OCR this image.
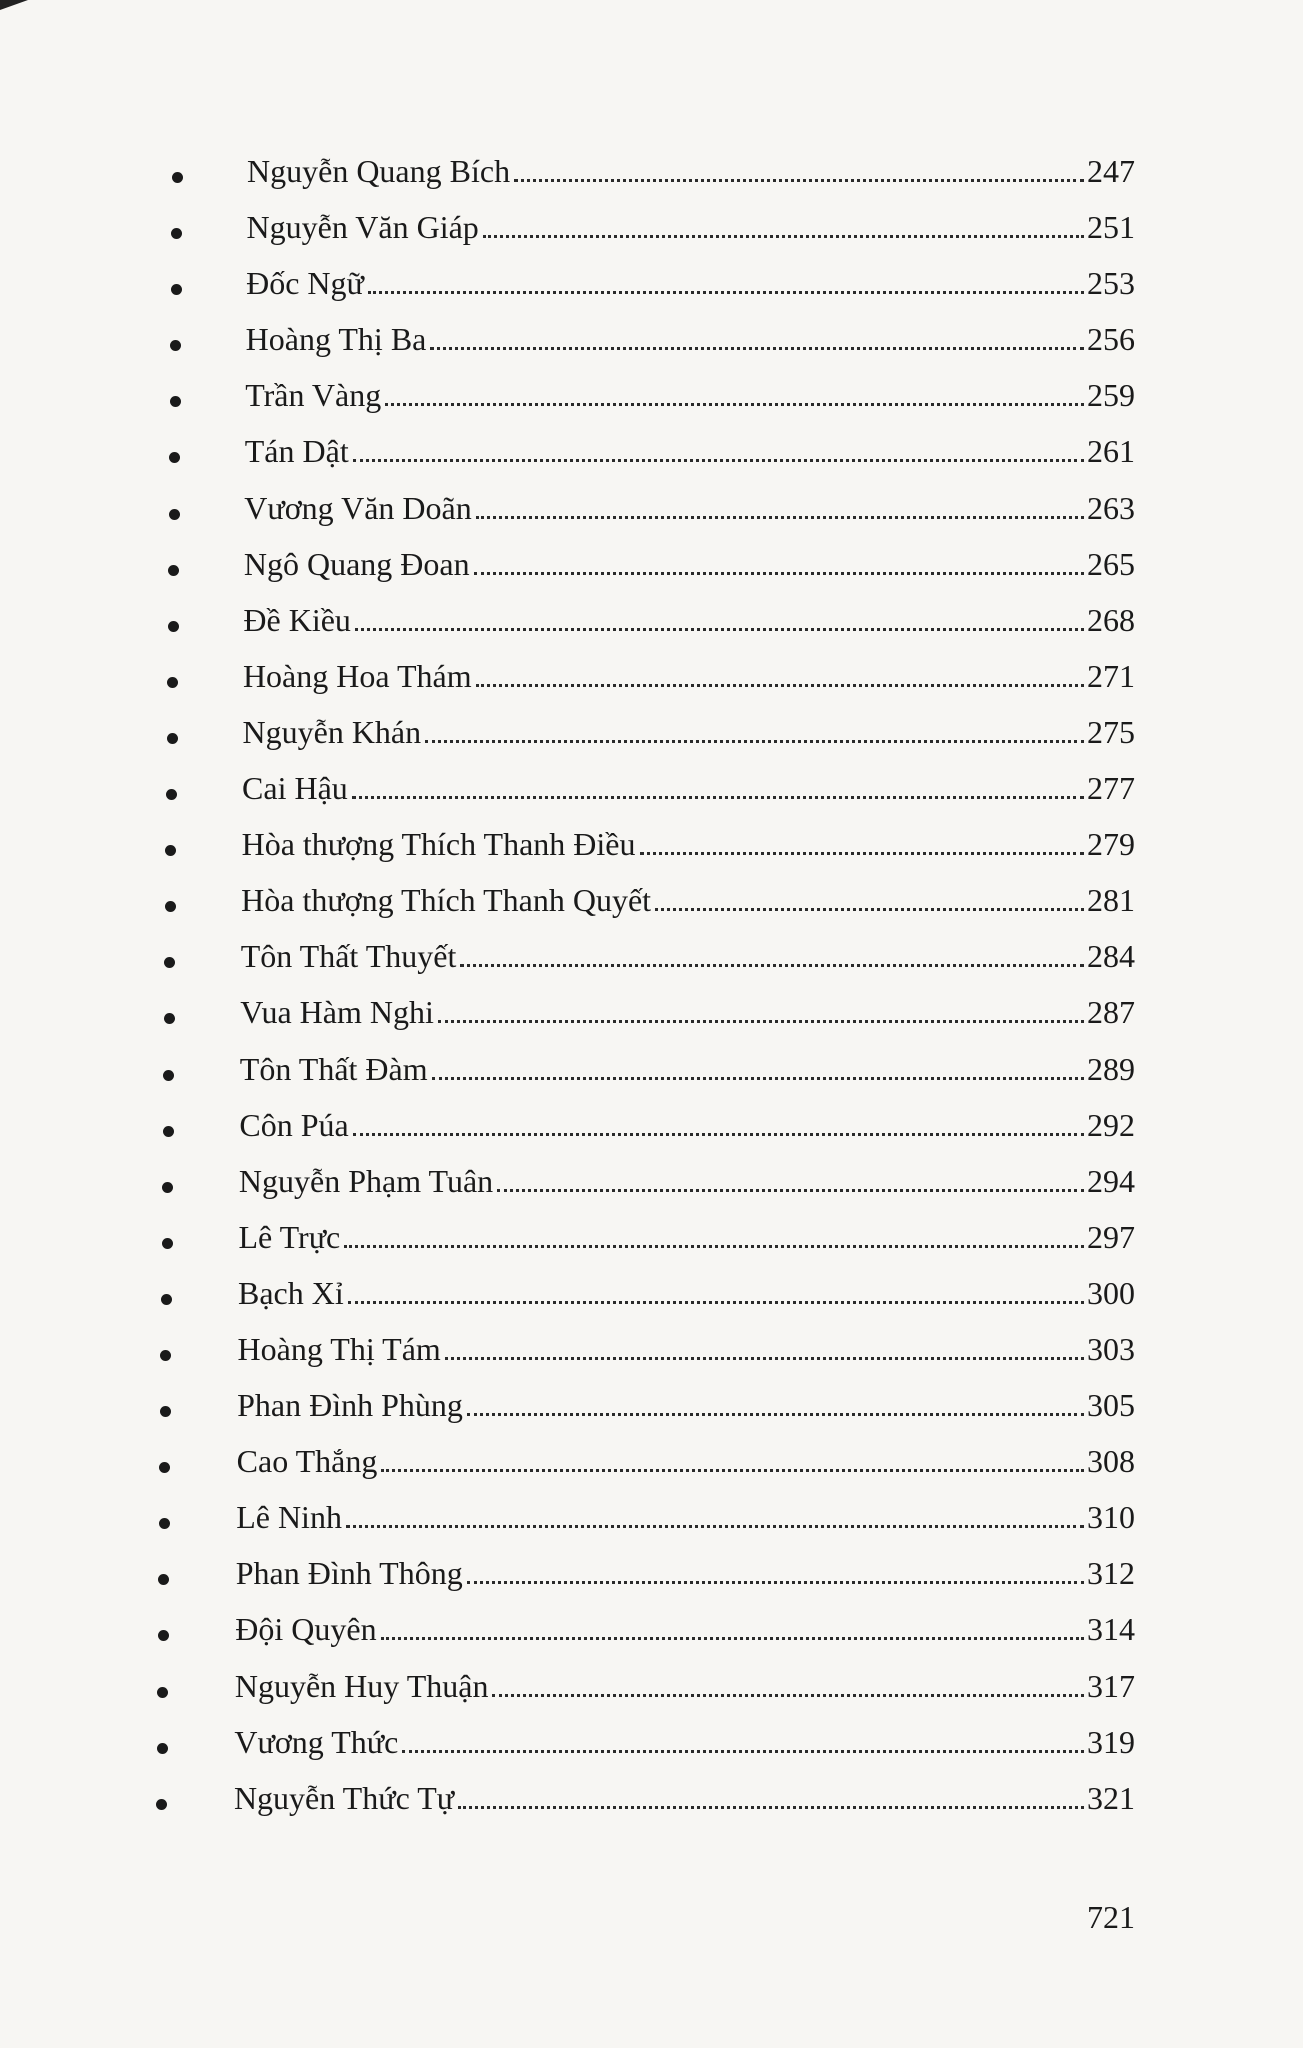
Nguyễn Quang Bích	247
Nguyễn Văn Giáp	251
Đốc Ngữ	253
Hoàng Thị Ba	256
Trần Vàng	259
Tán Dật	261
Vương Văn Doãn	263
Ngô Quang Đoan	265
Đề Kiều	268
Hoàng Hoa Thám	271
Nguyễn Khán	275
Cai Hậu	277
Hòa thượng Thích Thanh Điều	279
Hòa thượng Thích Thanh Quyết	281
Tôn Thất Thuyết	284
Vua Hàm Nghi	287
Tôn Thất Đàm	289
Côn Púa	292
Nguyễn Phạm Tuân	294
Lê Trực	297
Bạch Xỉ	300
Hoàng Thị Tám	303
Phan Đình Phùng	305
Cao Thắng	308
Lê Ninh	310
Phan Đình Thông	312
Đội Quyên	314
Nguyễn Huy Thuận	317
Vương Thức	319
Nguyễn Thức Tự	321
721
